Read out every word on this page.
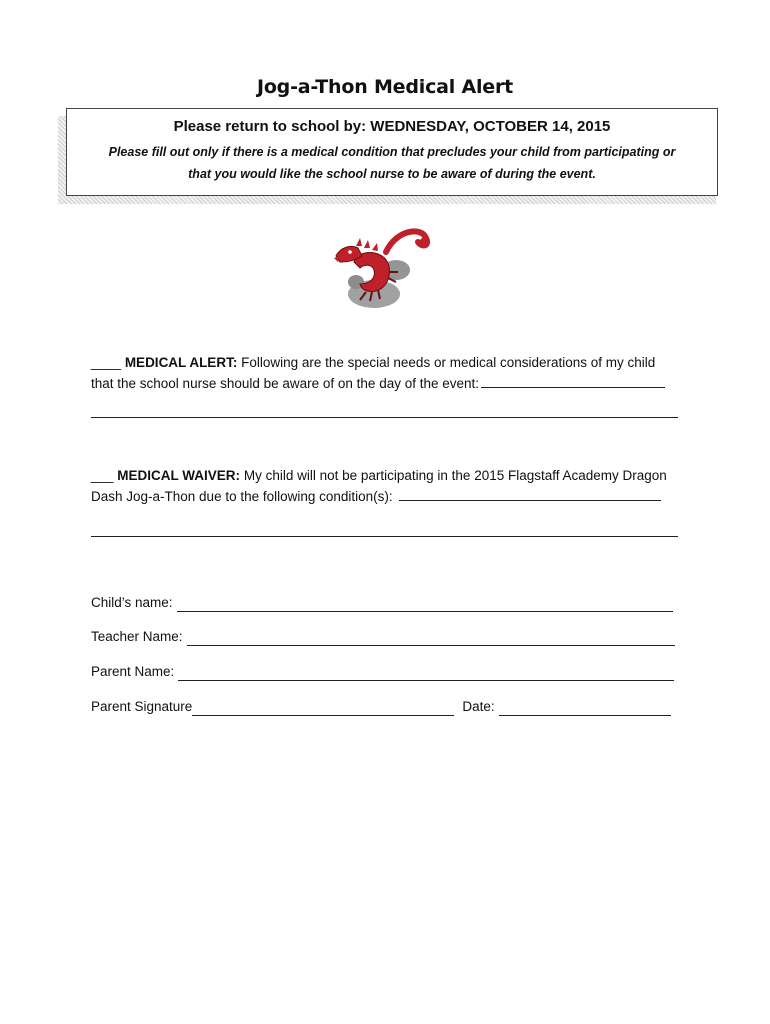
Jog-a-Thon Medical Alert
Please return to school by: WEDNESDAY, OCTOBER 14, 2015
Please fill out only if there is a medical condition that precludes your child from participating or
that you would like the school nurse to be aware of during the event.
____ MEDICAL ALERT: Following are the special needs or medical considerations of my child
that the school nurse should be aware of on the day of the event:
___ MEDICAL WAIVER: My child will not be participating in the 2015 Flagstaff Academy Dragon
Dash Jog-a-Thon due to the following condition(s):
Child’s name:
Teacher Name:
Parent Name:
Parent Signature	Date:
